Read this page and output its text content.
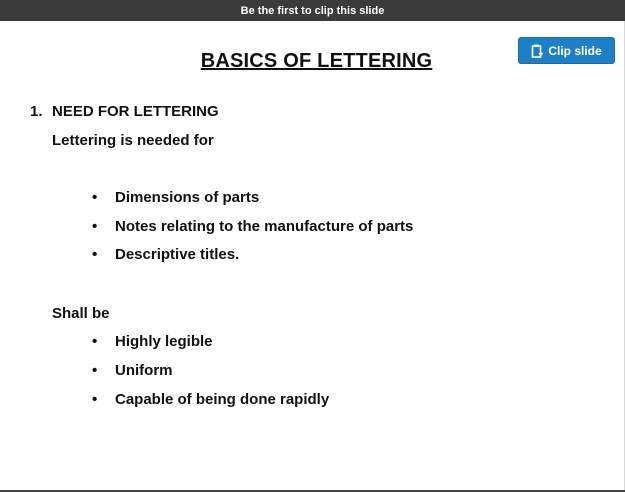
Be the first to clip this slide
Clip slide
BASICS OF LETTERING
1. NEED FOR LETTERING
Lettering is needed for
• Dimensions of parts
• Notes relating to the manufacture of parts
• Descriptive titles.
Shall be
• Highly legible
• Uniform
• Capable of being done rapidly
